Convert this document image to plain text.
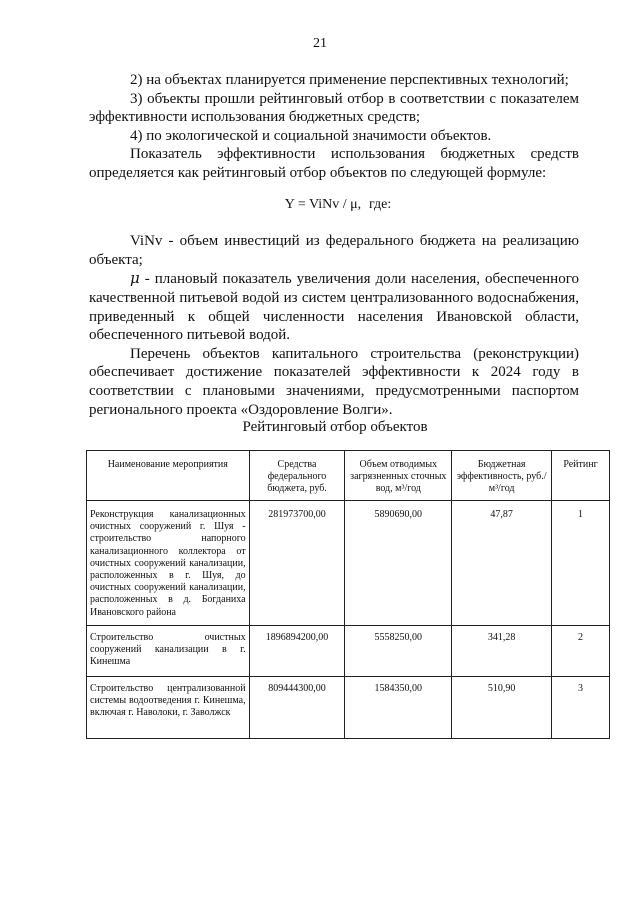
21

2) на объектах планируется применение перспективных технологий;

3) объекты прошли рейтинговый отбор в соответствии с показателем эффективности использования бюджетных средств;

4) по экологической и социальной значимости объектов.

Показатель эффективности использования бюджетных средств определяется как рейтинговый отбор объектов по следующей формуле:

Y = ViNv / μ, где:

ViNv - объем инвестиций из федерального бюджета на реализацию объекта;

μ - плановый показатель увеличения доли населения, обеспеченного качественной питьевой водой из систем централизованного водоснабжения, приведенный к общей численности населения Ивановской области, обеспеченного питьевой водой.

Перечень объектов капитального строительства (реконструкции) обеспечивает достижение показателей эффективности к 2024 году в соответствии с плановыми значениями, предусмотренными паспортом регионального проекта «Оздоровление Волги».

Рейтинговый отбор объектов
Наименование мероприятия	Средства федерального бюджета, руб.	Объем отводимых загрязненных сточных вод, м³/год	Бюджетная эффективность, руб./ м³/год	Рейтинг
Реконструкция канализационных очистных сооружений г. Шуя - строительство напорного канализационного коллектора от очистных сооружений канализации, расположенных в г. Шуя, до очистных сооружений канализации, расположенных в д. Богданиха Ивановского района	281973700,00	5890690,00	47,87	1
Строительство очистных сооружений канализации в г. Кинешма	1896894200,00	5558250,00	341,28	2
Строительство централизованной системы водоотведения г. Кинешма, включая г. Наволоки, г. Заволжск	809444300,00	1584350,00	510,90	3
